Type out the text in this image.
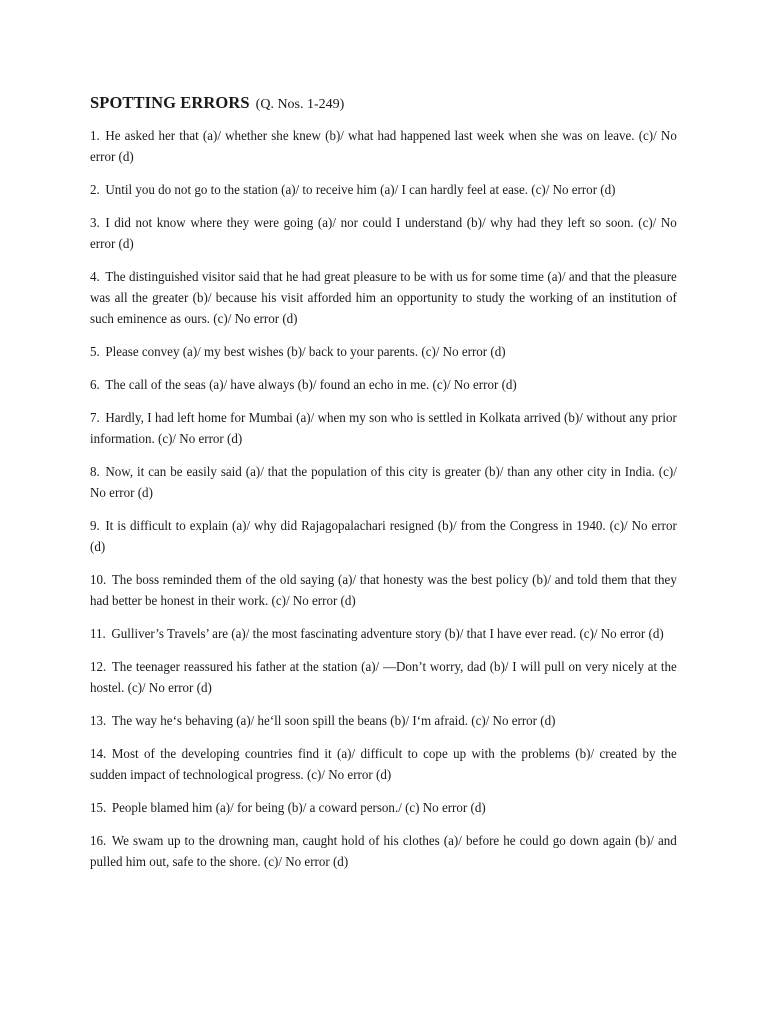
SPOTTING ERRORS (Q. Nos. 1-249)
1. He asked her that (a)/ whether she knew (b)/ what had happened last week when she was on leave. (c)/ No error (d)
2. Until you do not go to the station (a)/ to receive him (a)/ I can hardly feel at ease. (c)/ No error (d)
3. I did not know where they were going (a)/ nor could I understand (b)/ why had they left so soon. (c)/ No error (d)
4. The distinguished visitor said that he had great pleasure to be with us for some time (a)/ and that the pleasure was all the greater (b)/ because his visit afforded him an opportunity to study the working of an institution of such eminence as ours. (c)/ No error (d)
5. Please convey (a)/ my best wishes (b)/ back to your parents. (c)/ No error (d)
6. The call of the seas (a)/ have always (b)/ found an echo in me. (c)/ No error (d)
7. Hardly, I had left home for Mumbai (a)/ when my son who is settled in Kolkata arrived (b)/ without any prior information. (c)/ No error (d)
8. Now, it can be easily said (a)/ that the population of this city is greater (b)/ than any other city in India. (c)/ No error (d)
9. It is difficult to explain (a)/ why did Rajagopalachari resigned (b)/ from the Congress in 1940. (c)/ No error (d)
10. The boss reminded them of the old saying (a)/ that honesty was the best policy (b)/ and told them that they had better be honest in their work. (c)/ No error (d)
11. Gulliver’s Travels’ are (a)/ the most fascinating adventure story (b)/ that I have ever read. (c)/ No error (d)
12. The teenager reassured his father at the station (a)/ —Don’t worry, dad (b)/ I will pull on very nicely at the hostel. (c)/ No error (d)
13. The way he‘s behaving (a)/ he‘ll soon spill the beans (b)/ I‘m afraid. (c)/ No error (d)
14. Most of the developing countries find it (a)/ difficult to cope up with the problems (b)/ created by the sudden impact of technological progress. (c)/ No error (d)
15. People blamed him (a)/ for being (b)/ a coward person./ (c) No error (d)
16. We swam up to the drowning man, caught hold of his clothes (a)/ before he could go down again (b)/ and pulled him out, safe to the shore. (c)/ No error (d)
